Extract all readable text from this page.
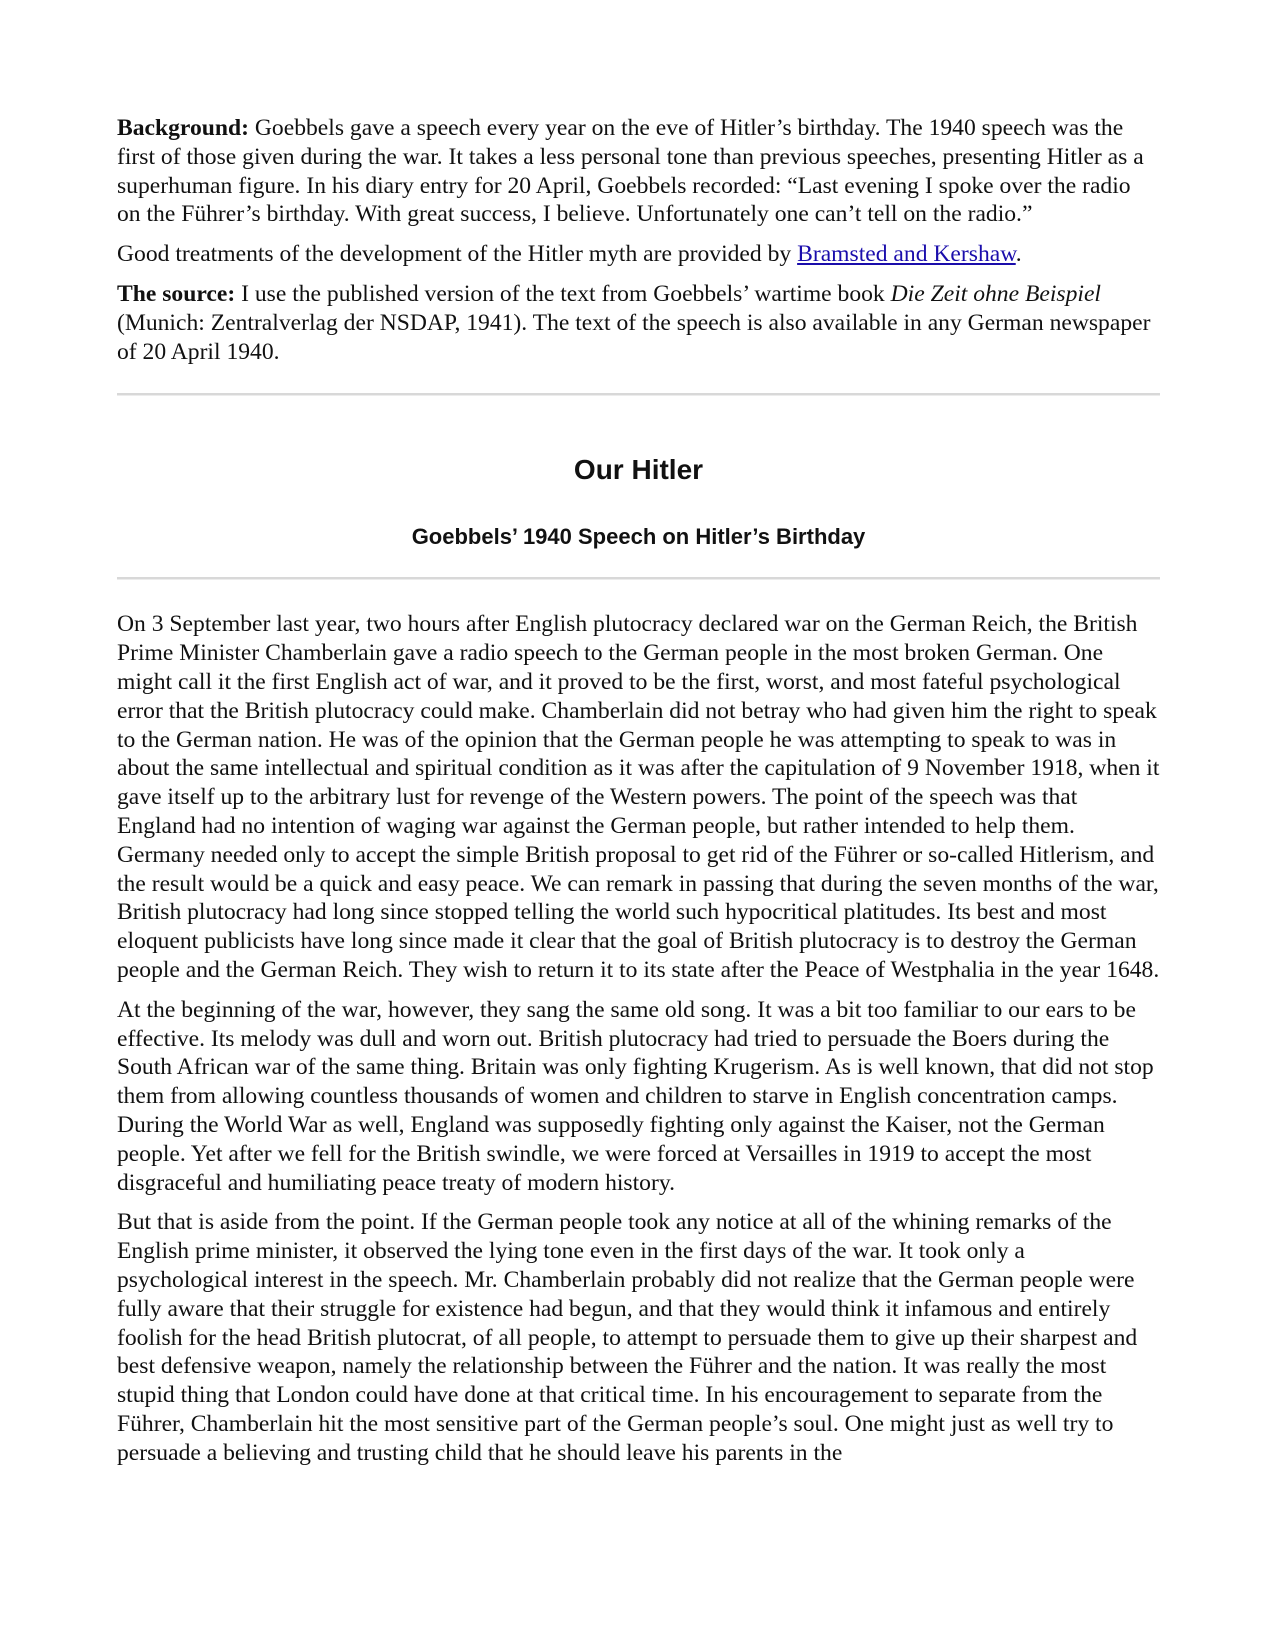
Background: Goebbels gave a speech every year on the eve of Hitler’s birthday. The 1940 speech was the first of those given during the war. It takes a less personal tone than previous speeches, presenting Hitler as a superhuman figure. In his diary entry for 20 April, Goebbels recorded: “Last evening I spoke over the radio on the Führer’s birthday. With great success, I believe. Unfortunately one can’t tell on the radio.”

Good treatments of the development of the Hitler myth are provided by Bramsted and Kershaw.

The source: I use the published version of the text from Goebbels’ wartime book Die Zeit ohne Beispiel (Munich: Zentralverlag der NSDAP, 1941). The text of the speech is also available in any German newspaper of 20 April 1940.

Our Hitler
Goebbels’ 1940 Speech on Hitler’s Birthday

On 3 September last year, two hours after English plutocracy declared war on the German Reich, the British Prime Minister Chamberlain gave a radio speech to the German people in the most broken German. One might call it the first English act of war, and it proved to be the first, worst, and most fateful psychological error that the British plutocracy could make. Chamberlain did not betray who had given him the right to speak to the German nation. He was of the opinion that the German people he was attempting to speak to was in about the same intellectual and spiritual condition as it was after the capitulation of 9 November 1918, when it gave itself up to the arbitrary lust for revenge of the Western powers. The point of the speech was that England had no intention of waging war against the German people, but rather intended to help them. Germany needed only to accept the simple British proposal to get rid of the Führer or so-called Hitlerism, and the result would be a quick and easy peace. We can remark in passing that during the seven months of the war, British plutocracy had long since stopped telling the world such hypocritical platitudes. Its best and most eloquent publicists have long since made it clear that the goal of British plutocracy is to destroy the German people and the German Reich. They wish to return it to its state after the Peace of Westphalia in the year 1648.

At the beginning of the war, however, they sang the same old song. It was a bit too familiar to our ears to be effective. Its melody was dull and worn out. British plutocracy had tried to persuade the Boers during the South African war of the same thing. Britain was only fighting Krugerism. As is well known, that did not stop them from allowing countless thousands of women and children to starve in English concentration camps. During the World War as well, England was supposedly fighting only against the Kaiser, not the German people. Yet after we fell for the British swindle, we were forced at Versailles in 1919 to accept the most disgraceful and humiliating peace treaty of modern history.

But that is aside from the point. If the German people took any notice at all of the whining remarks of the English prime minister, it observed the lying tone even in the first days of the war. It took only a psychological interest in the speech. Mr. Chamberlain probably did not realize that the German people were fully aware that their struggle for existence had begun, and that they would think it infamous and entirely foolish for the head British plutocrat, of all people, to attempt to persuade them to give up their sharpest and best defensive weapon, namely the relationship between the Führer and the nation. It was really the most stupid thing that London could have done at that critical time. In his encouragement to separate from the Führer, Chamberlain hit the most sensitive part of the German people’s soul. One might just as well try to persuade a believing and trusting child that he should leave his parents in the
